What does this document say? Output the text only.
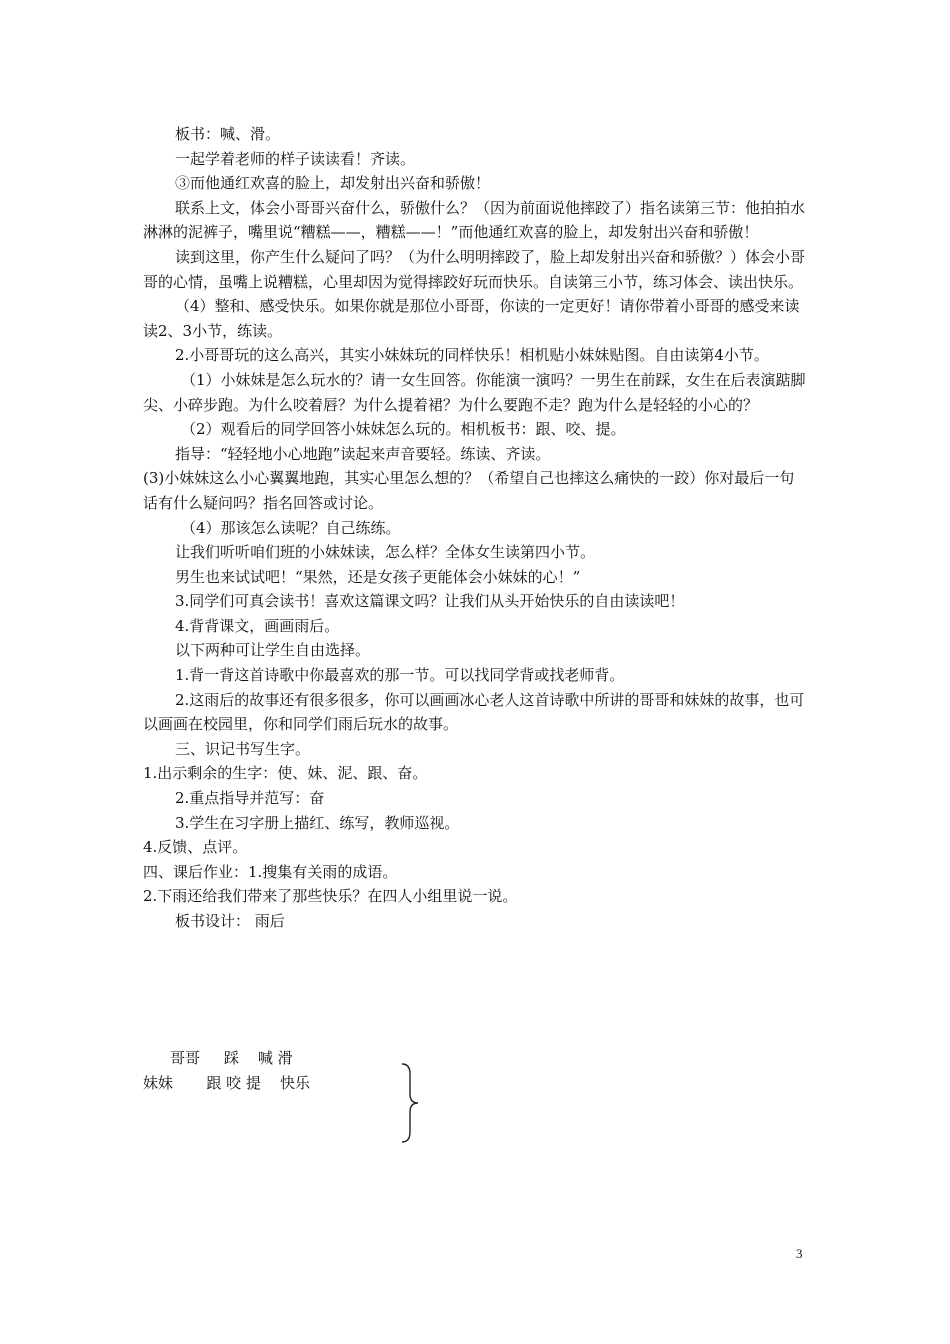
板书：喊、滑。

一起学着老师的样子读读看！齐读。

③而他通红欢喜的脸上，却发射出兴奋和骄傲！

联系上文，体会小哥哥兴奋什么，骄傲什么？（因为前面说他摔跤了）指名读第三节：他拍拍水淋淋的泥裤子，嘴里说“糟糕——，糟糕——！”而他通红欢喜的脸上，却发射出兴奋和骄傲！

读到这里，你产生什么疑问了吗？（为什么明明摔跤了，脸上却发射出兴奋和骄傲？）体会小哥哥的心情，虽嘴上说糟糕，心里却因为觉得摔跤好玩而快乐。自读第三小节，练习体会、读出快乐。

（4）整和、感受快乐。如果你就是那位小哥哥，你读的一定更好！请你带着小哥哥的感受来读读2、3小节，练读。

2.小哥哥玩的这么高兴，其实小妹妹玩的同样快乐！相机贴小妹妹贴图。自由读第4小节。

（1）小妹妹是怎么玩水的？请一女生回答。你能演一演吗？一男生在前踩，女生在后表演踮脚尖、小碎步跑。为什么咬着唇？为什么提着裙？为什么要跑不走？跑为什么是轻轻的小心的？

（2）观看后的同学回答小妹妹怎么玩的。相机板书：跟、咬、提。

指导：“轻轻地小心地跑”读起来声音要轻。练读、齐读。

(3)小妹妹这么小心翼翼地跑，其实心里怎么想的？（希望自己也摔这么痛快的一跤）你对最后一句话有什么疑问吗？指名回答或讨论。

（4）那该怎么读呢？自己练练。

让我们听听咱们班的小妹妹读，怎么样？全体女生读第四小节。

男生也来试试吧！“果然，还是女孩子更能体会小妹妹的心！”

3.同学们可真会读书！喜欢这篇课文吗？让我们从头开始快乐的自由读读吧！

4.背背课文，画画雨后。

以下两种可让学生自由选择。

1.背一背这首诗歌中你最喜欢的那一节。可以找同学背或找老师背。

2.这雨后的故事还有很多很多，你可以画画冰心老人这首诗歌中所讲的哥哥和妹妹的故事，也可以画画在校园里，你和同学们雨后玩水的故事。

三、识记书写生字。

1.出示剩余的生字：使、妹、泥、跟、奋。

2.重点指导并范写：奋

3.学生在习字册上描红、练写，教师巡视。

4.反馈、点评。

四、课后作业：1.搜集有关雨的成语。

2.下雨还给我们带来了那些快乐？在四人小组里说一说。

板书设计： 雨后

哥哥     踩    喊 滑
妹妹       跟 咬 提    快乐
3
